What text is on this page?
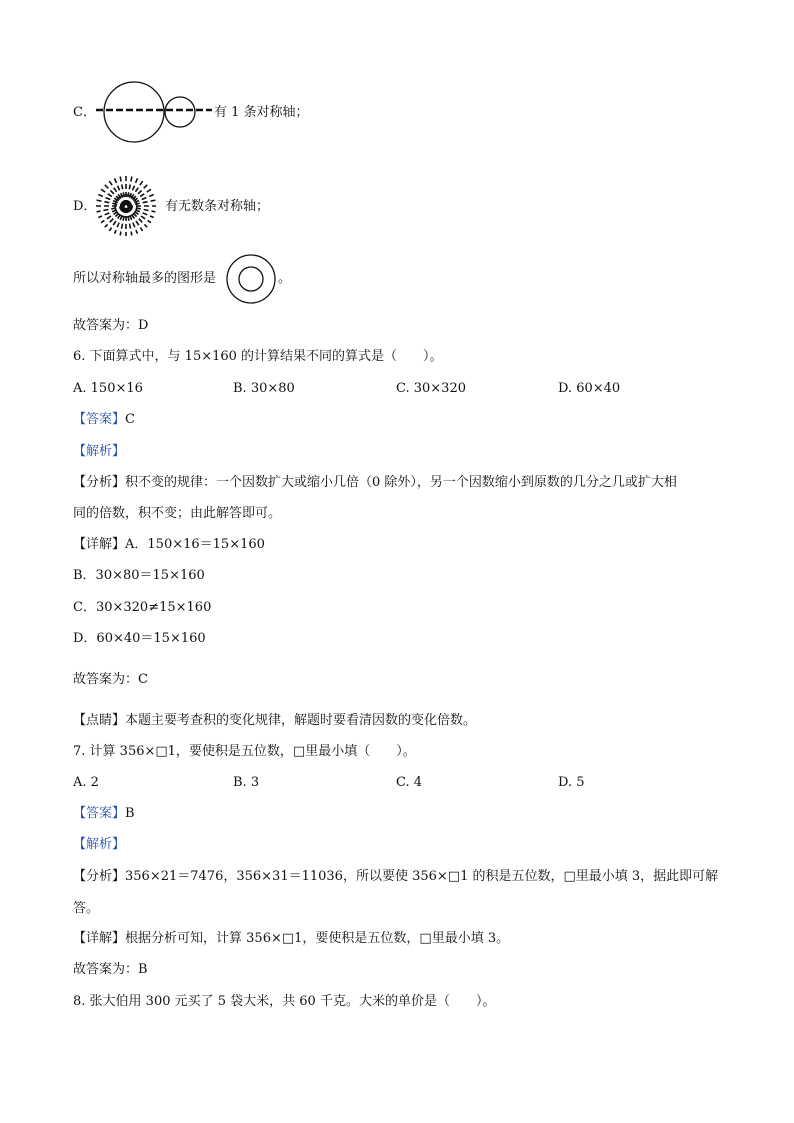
C．	有 1 条对称轴；
D．	有无数条对称轴；
所以对称轴最多的图形是	。
故答案为：D
6. 下面算式中，与 15×160 的计算结果不同的算式是（　　）。
A. 150×16	B. 30×80	C. 30×320	D. 60×40
【答案】C
【解析】
【分析】积不变的规律：一个因数扩大或缩小几倍（0 除外），另一个因数缩小到原数的几分之几或扩大相
同的倍数，积不变；由此解答即可。
【详解】A．150×16＝15×160
B．30×80＝15×160
C．30×320≠15×160
D．60×40＝15×160
故答案为：C
【点睛】本题主要考查积的变化规律，解题时要看清因数的变化倍数。
7. 计算 356×□1，要使积是五位数，□里最小填（　　）。
A. 2	B. 3	C. 4	D. 5
【答案】B
【解析】
【分析】356×21＝7476，356×31＝11036，所以要使 356×□1 的积是五位数，□里最小填 3，据此即可解
答。
【详解】根据分析可知，计算 356×□1，要使积是五位数，□里最小填 3。
故答案为：B
8. 张大伯用 300 元买了 5 袋大米，共 60 千克。大米的单价是（　　）。
